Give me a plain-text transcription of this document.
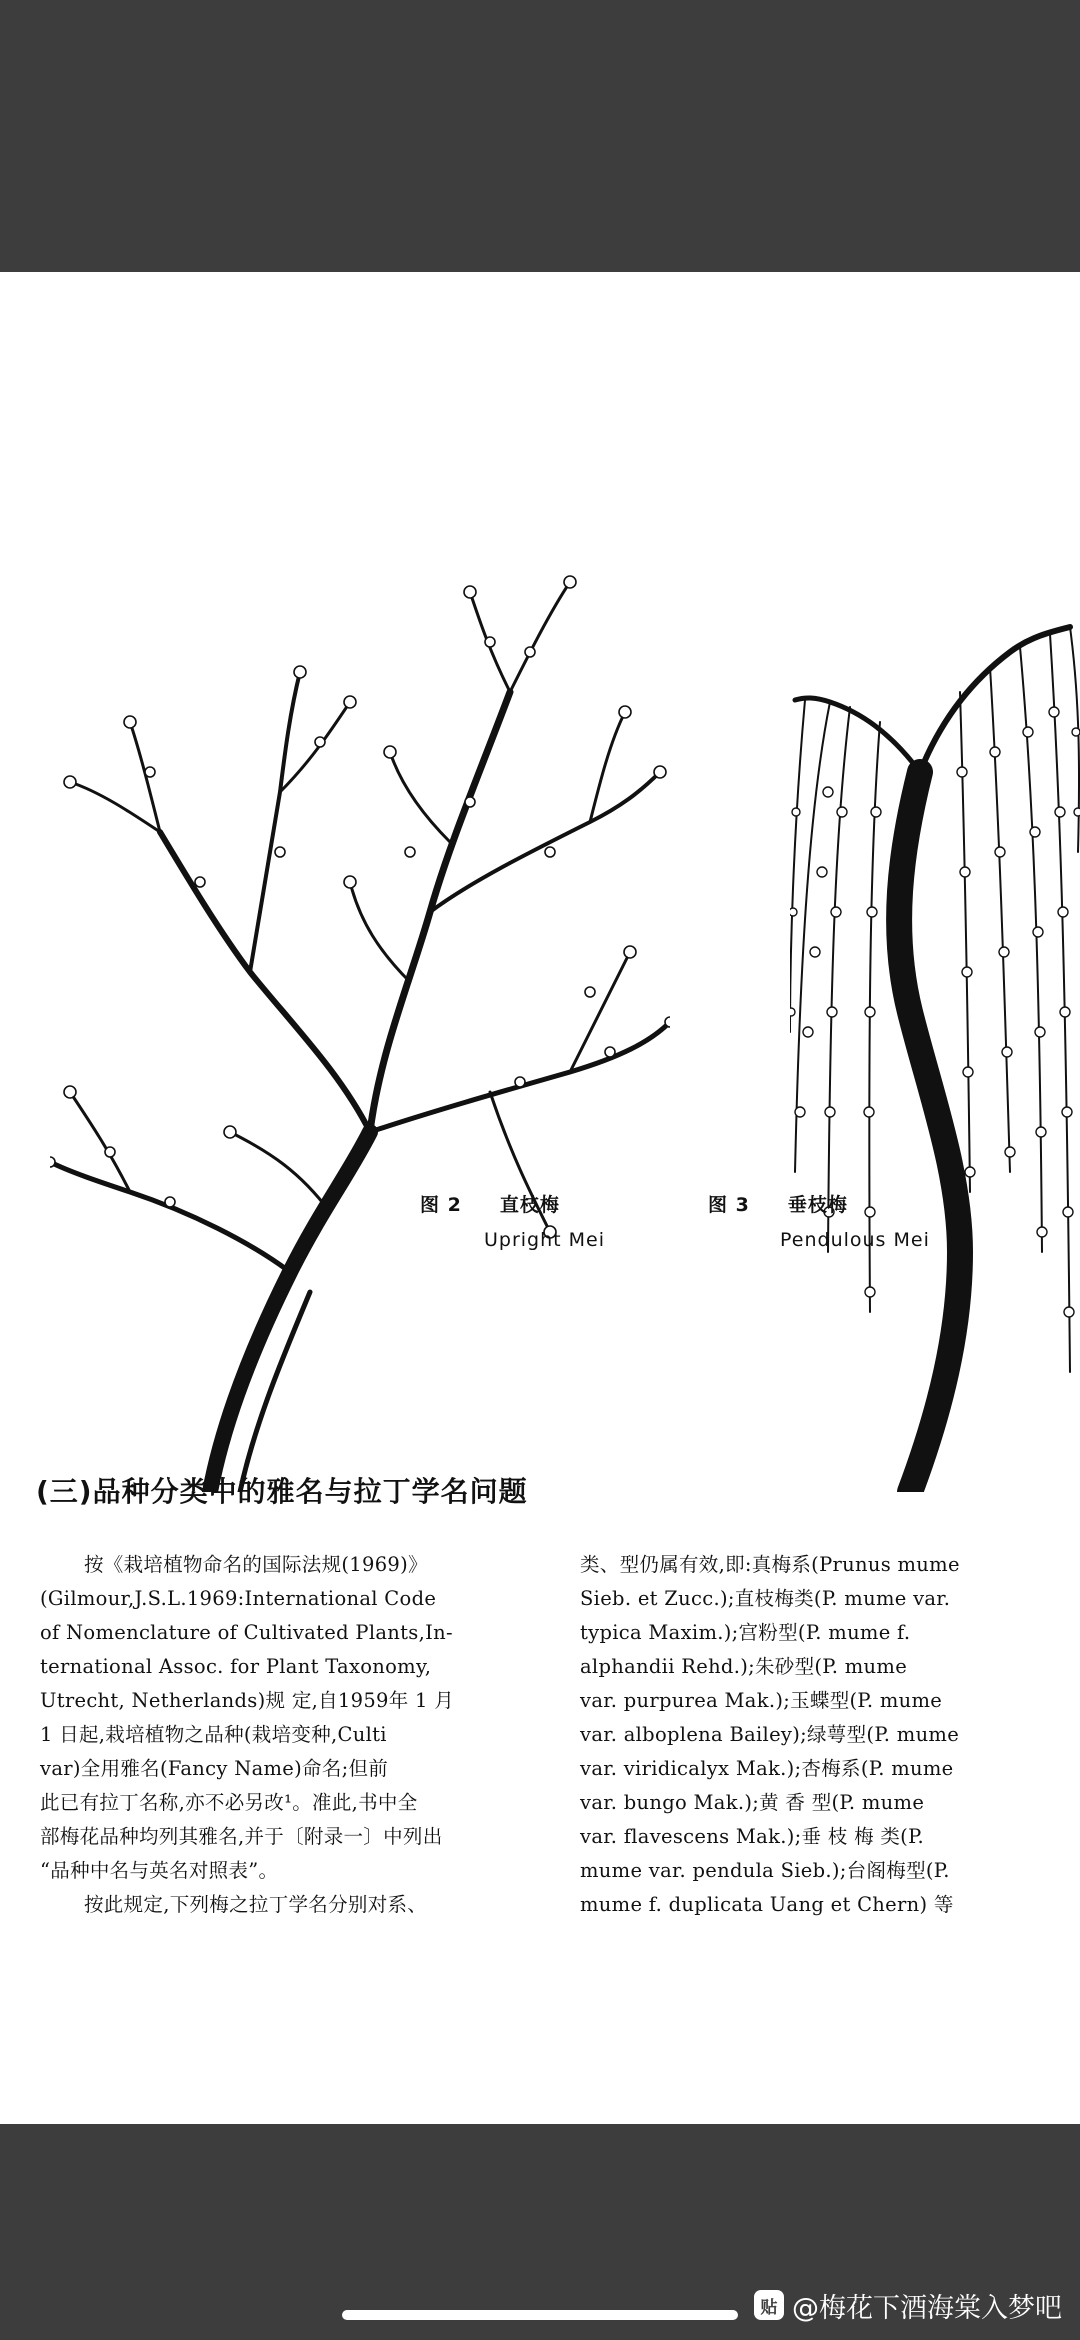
图 2 直枝梅
Upright Mei
图 3 垂枝梅
Pendulous Mei
(三)品种分类中的雅名与拉丁学名问题
按《栽培植物命名的国际法规(1969)》
(Gilmour,J.S.L.1969:International Code
of Nomenclature of Cultivated Plants,In-
ternational Assoc. for Plant Taxonomy,
Utrecht, Netherlands)规 定,自1959年 1 月
1 日起,栽培植物之品种(栽培变种,Culti
var)全用雅名(Fancy Name)命名;但前
此已有拉丁名称,亦不必另改¹。准此,书中全
部梅花品种均列其雅名,并于〔附录一〕中列出
“品种中名与英名对照表”。
按此规定,下列梅之拉丁学名分别对系、
类、型仍属有效,即:真梅系(Prunus mume
Sieb. et Zucc.);直枝梅类(P. mume var.
typica Maxim.);宫粉型(P. mume f.
alphandii Rehd.);朱砂型(P. mume
var. purpurea Mak.);玉蝶型(P. mume
var. alboplena Bailey);绿萼型(P. mume
var. viridicalyx Mak.);杏梅系(P. mume
var. bungo Mak.);黄 香 型(P. mume
var. flavescens Mak.);垂 枝 梅 类(P.
mume var. pendula Sieb.);台阁梅型(P.
mume f. duplicata Uang et Chern) 等
贴 @梅花下酒海棠入梦吧
